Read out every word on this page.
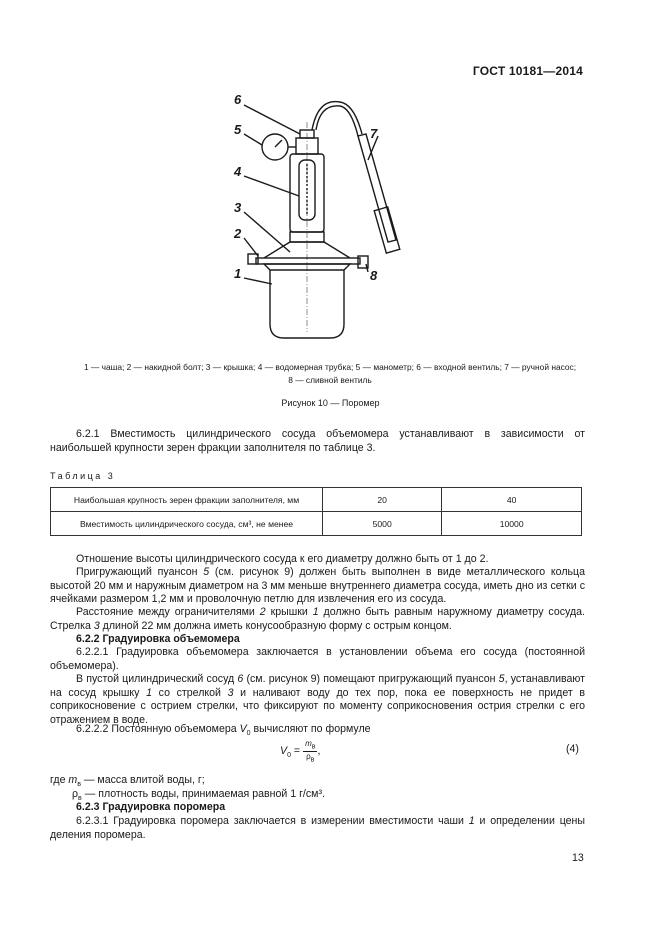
ГОСТ 10181—2014
6
5
4
3
2
1
7
8
1 — чаша; 2 — накидной болт; 3 — крышка; 4 — водомерная трубка; 5 — манометр; 6 — входной вентиль; 7 — ручной насос;
8 — сливной вентиль
Рисунок 10 — Поромер
6.2.1 Вместимость цилиндрического сосуда объемомера устанавливают в зависимости от наибольшей крупности зерен фракции заполнителя по таблице 3.
Таблица 3
Наибольшая крупность зерен фракции заполнителя, мм	20	40
Вместимость цилиндрического сосуда, см³, не менее	5000	10000
Отношение высоты цилиндрического сосуда к его диаметру должно быть от 1 до 2.
Пригружающий пуансон 5 (см. рисунок 9) должен быть выполнен в виде металлического кольца высотой 20 мм и наружным диаметром на 3 мм меньше внутреннего диаметра сосуда, иметь дно из сетки с ячейками размером 1,2 мм и проволочную петлю для извлечения его из сосуда.
Расстояние между ограничителями 2 крышки 1 должно быть равным наружному диаметру сосуда. Стрелка 3 длиной 22 мм должна иметь конусообразную форму с острым концом.
6.2.2 Градуировка объемомера
6.2.2.1 Градуировка объемомера заключается в установлении объема его сосуда (постоянной объемомера).
В пустой цилиндрический сосуд 6 (см. рисунок 9) помещают пригружающий пуансон 5, устанавливают на сосуд крышку 1 со стрелкой 3 и наливают воду до тех пор, пока ее поверхность не придет в соприкосновение с острием стрелки, что фиксируют по моменту соприкосновения острия стрелки с его отражением в воде.
6.2.2.2 Постоянную объемомера $V_0$ вычисляют по формуле
$V_0 = \frac{m_в}{\rho_в}$ ,	(4)
где $m_в$ — масса влитой воды, г;
$\rho_в$ — плотность воды, принимаемая равной 1 г/см³.
6.2.3 Градуировка поромера
6.2.3.1 Градуировка поромера заключается в измерении вместимости чаши 1 и определении цены деления поромера.
13
